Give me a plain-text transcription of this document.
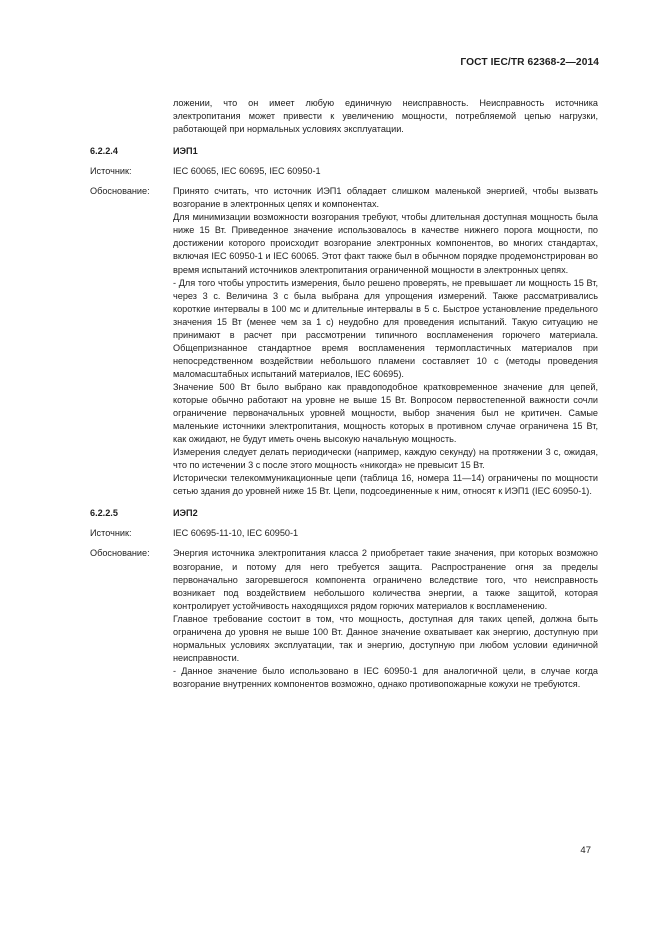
ГОСТ IEC/TR 62368-2—2014

ложении, что он имеет любую единичную неисправность. Неисправность источника электропитания может привести к увеличению мощности, потребляемой цепью нагрузки, работающей при нормальных условиях эксплуатации.

6.2.2.4	ИЭП1
Источник:	IEC 60065, IEC 60695, IEC 60950-1
Обоснование:	Принято считать, что источник ИЭП1 обладает слишком маленькой энергией, чтобы вызвать возгорание в электронных цепях и компонентах.

Для минимизации возможности возгорания требуют, чтобы длительная доступная мощность была ниже 15 Вт. Приведенное значение использовалось в качестве нижнего порога мощности, по достижении которого происходит возгорание электронных компонентов, во многих стандартах, включая IEC 60950-1 и IEC 60065. Этот факт также был в обычном порядке продемонстрирован во время испытаний источников электропитания ограниченной мощности в электронных цепях.

- Для того чтобы упростить измерения, было решено проверять, не превышает ли мощность 15 Вт, через 3 с. Величина 3 с была выбрана для упрощения измерений. Также рассматривались короткие интервалы в 100 мс и длительные интервалы в 5 с. Быстрое установление предельного значения 15 Вт (менее чем за 1 с) неудобно для проведения испытаний. Такую ситуацию не принимают в расчет при рассмотрении типичного воспламенения горючего материала. Общепризнанное стандартное время воспламенения термопластичных материалов при непосредственном воздействии небольшого пламени составляет 10 с (методы проведения маломасштабных испытаний материалов, IEC 60695).

Значение 500 Вт было выбрано как правдоподобное кратковременное значение для цепей, которые обычно работают на уровне не выше 15 Вт. Вопросом первостепенной важности сочли ограничение первоначальных уровней мощности, выбор значения был не критичен. Самые маленькие источники электропитания, мощность которых в противном случае ограничена 15 Вт, как ожидают, не будут иметь очень высокую начальную мощность.

Измерения следует делать периодически (например, каждую секунду) на протяжении 3 с, ожидая, что по истечении 3 с после этого мощность «никогда» не превысит 15 Вт.

Исторически телекоммуникационные цепи (таблица 16, номера 11—14) ограничены по мощности сетью здания до уровней ниже 15 Вт. Цепи, подсоединенные к ним, относят к ИЭП1 (IEC 60950-1).

6.2.2.5	ИЭП2
Источник:	IEC 60695-11-10, IEC 60950-1
Обоснование:	Энергия источника электропитания класса 2 приобретает такие значения, при которых возможно возгорание, и потому для него требуется защита. Распространение огня за пределы первоначально загоревшегося компонента ограничено вследствие того, что неисправность возникает под воздействием небольшого количества энергии, а также защитой, которая контролирует устойчивость находящихся рядом горючих материалов к воспламенению.

Главное требование состоит в том, что мощность, доступная для таких цепей, должна быть ограничена до уровня не выше 100 Вт. Данное значение охватывает как энергию, доступную при нормальных условиях эксплуатации, так и энергию, доступную при любом условии единичной неисправности.

- Данное значение было использовано в IEC 60950-1 для аналогичной цели, в случае когда возгорание внутренних компонентов возможно, однако противопожарные кожухи не требуются.

47
